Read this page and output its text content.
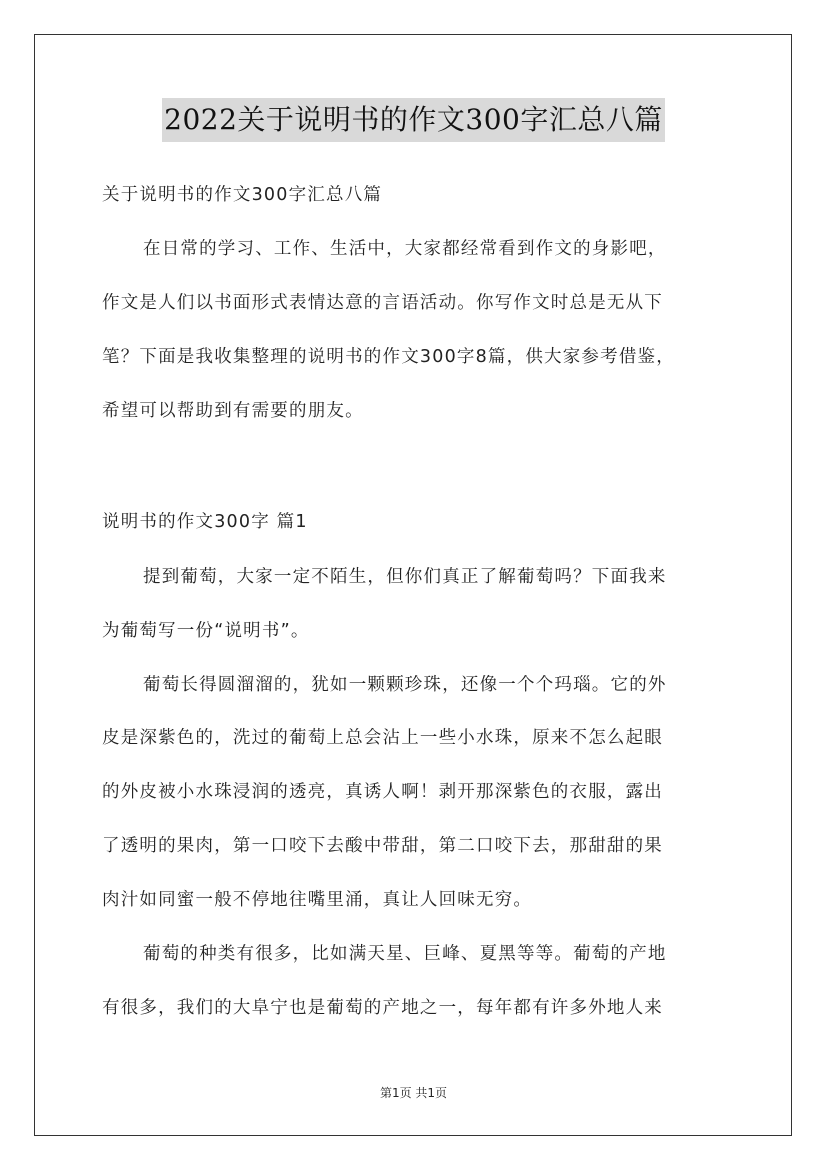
2022关于说明书的作文300字汇总八篇
关于说明书的作文300字汇总八篇
在日常的学习、工作、生活中，大家都经常看到作文的身影吧，
作文是人们以书面形式表情达意的言语活动。你写作文时总是无从下
笔？下面是我收集整理的说明书的作文300字8篇，供大家参考借鉴，
希望可以帮助到有需要的朋友。
说明书的作文300字 篇1
提到葡萄，大家一定不陌生，但你们真正了解葡萄吗？下面我来
为葡萄写一份“说明书”。
葡萄长得圆溜溜的，犹如一颗颗珍珠，还像一个个玛瑙。它的外
皮是深紫色的，洗过的葡萄上总会沾上一些小水珠，原来不怎么起眼
的外皮被小水珠浸润的透亮，真诱人啊！剥开那深紫色的衣服，露出
了透明的果肉，第一口咬下去酸中带甜，第二口咬下去，那甜甜的果
肉汁如同蜜一般不停地往嘴里涌，真让人回味无穷。
葡萄的种类有很多，比如满天星、巨峰、夏黑等等。葡萄的产地
有很多，我们的大阜宁也是葡萄的产地之一，每年都有许多外地人来
第1页 共1页
